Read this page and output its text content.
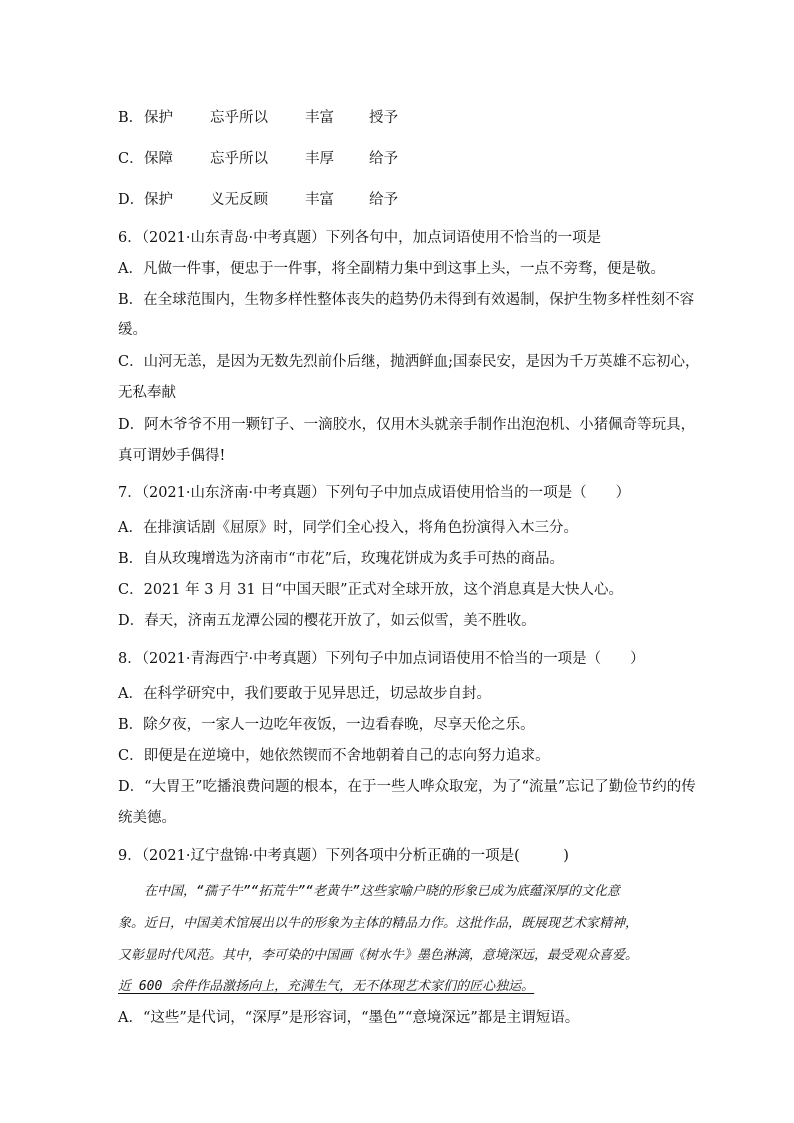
B． 保护	忘乎所以	丰富 授予
C． 保障	忘乎所以	丰厚 给予
D． 保护	义无反顾	丰富 给予
6．（2021·山东青岛·中考真题）下列各句中，加点词语使用不恰当的一项是
A．凡做一件事，便忠于一件事，将全副精力集中到这事上头，一点不旁骛，便是敬。
B．在全球范围内，生物多样性整体丧失的趋势仍未得到有效遏制，保护生物多样性刻不容
缓。
C．山河无恙，是因为无数先烈前仆后继，抛洒鲜血;国泰民安，是因为千万英雄不忘初心，
无私奉献
D．阿木爷爷不用一颗钉子、一滴胶水，仅用木头就亲手制作出泡泡机、小猪佩奇等玩具，
真可谓妙手偶得!
7．（2021·山东济南·中考真题）下列句子中加点成语使用恰当的一项是（　　）
A．在排演话剧《屈原》时，同学们全心投入，将角色扮演得入木三分。
B．自从玫瑰增选为济南市“市花”后，玫瑰花饼成为炙手可热的商品。
C．2021 年 3 月 31 日“中国天眼”正式对全球开放，这个消息真是大快人心。
D．春天，济南五龙潭公园的樱花开放了，如云似雪，美不胜收。
8．（2021·青海西宁·中考真题）下列句子中加点词语使用不恰当的一项是（　　）
A．在科学研究中，我们要敢于见异思迁，切忌故步自封。
B．除夕夜，一家人一边吃年夜饭，一边看春晚，尽享天伦之乐。
C．即便是在逆境中，她依然锲而不舍地朝着自己的志向努力追求。
D．“大胃王”吃播浪费问题的根本，在于一些人哗众取宠，为了“流量”忘记了勤俭节约的传
统美德。
9．（2021·辽宁盘锦·中考真题）下列各项中分析正确的一项是(　　　)
　　在中国，“孺子牛”“拓荒牛”“老黄牛”这些家喻户晓的形象已成为底蕴深厚的文化意
象。近日，中国美术馆展出以牛的形象为主体的精品力作。这批作品，既展现艺术家精神，
又彰显时代风范。其中，李可染的中国画《树水牛》墨色淋漓，意境深远，最受观众喜爱。
近 600 余件作品激扬向上，充满生气，无不体现艺术家们的匠心独运。
A．“这些”是代词，“深厚”是形容词，“墨色”“意境深远”都是主谓短语。
